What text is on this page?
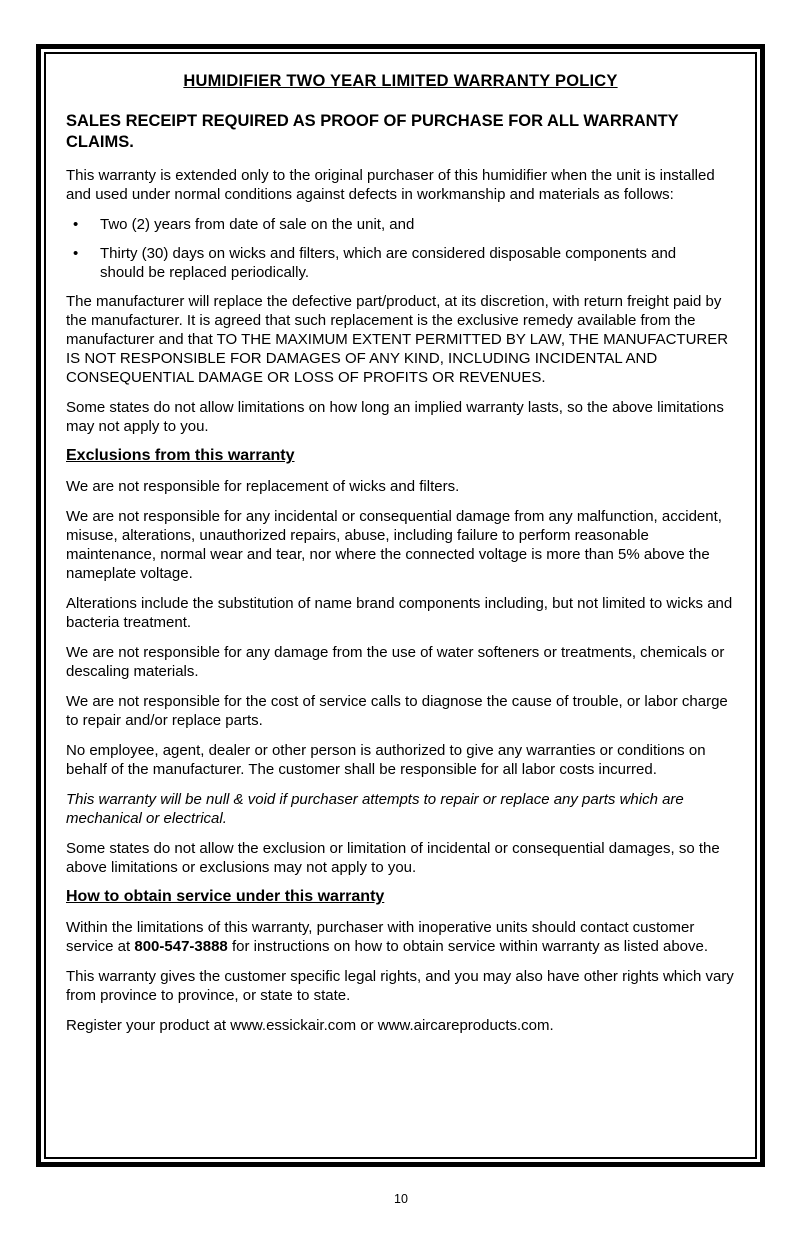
HUMIDIFIER TWO YEAR LIMITED WARRANTY POLICY

SALES RECEIPT REQUIRED AS PROOF OF PURCHASE FOR ALL WARRANTY CLAIMS.

This warranty is extended only to the original purchaser of this humidifier when the unit is installed and used under normal conditions against defects in workmanship and materials as follows:

•	Two (2) years from date of sale on the unit, and
•	Thirty (30) days on wicks and filters, which are considered disposable components and should be replaced periodically.

The manufacturer will replace the defective part/product, at its discretion, with return freight paid by the manufacturer. It is agreed that such replacement is the exclusive remedy available from the manufacturer and that TO THE MAXIMUM EXTENT PERMITTED BY LAW, THE MANUFACTURER IS NOT RESPONSIBLE FOR DAMAGES OF ANY KIND, INCLUDING INCIDENTAL AND CONSEQUENTIAL DAMAGE OR LOSS OF PROFITS OR REVENUES.

Some states do not allow limitations on how long an implied warranty lasts, so the above limitations may not apply to you.

Exclusions from this warranty

We are not responsible for replacement of wicks and filters.

We are not responsible for any incidental or consequential damage from any malfunction, accident, misuse, alterations, unauthorized repairs, abuse, including failure to perform reasonable maintenance, normal wear and tear, nor where the connected voltage is more than 5% above the nameplate voltage.

Alterations include the substitution of name brand components including, but not limited to wicks and bacteria treatment.

We are not responsible for any damage from the use of water softeners or treatments, chemicals or descaling materials.

We are not responsible for the cost of service calls to diagnose the cause of trouble, or labor charge to repair and/or replace parts.

No employee, agent, dealer or other person is authorized to give any warranties or conditions on behalf of the manufacturer. The customer shall be responsible for all labor costs incurred.

This warranty will be null & void if purchaser attempts to repair or replace any parts which are mechanical or electrical.

Some states do not allow the exclusion or limitation of incidental or consequential damages, so the above limitations or exclusions may not apply to you.

How to obtain service under this warranty

Within the limitations of this warranty, purchaser with inoperative units should contact customer service at 800-547-3888 for instructions on how to obtain service within warranty as listed above.

This warranty gives the customer specific legal rights, and you may also have other rights which vary from province to province, or state to state.

Register your product at www.essickair.com or www.aircareproducts.com.

10
